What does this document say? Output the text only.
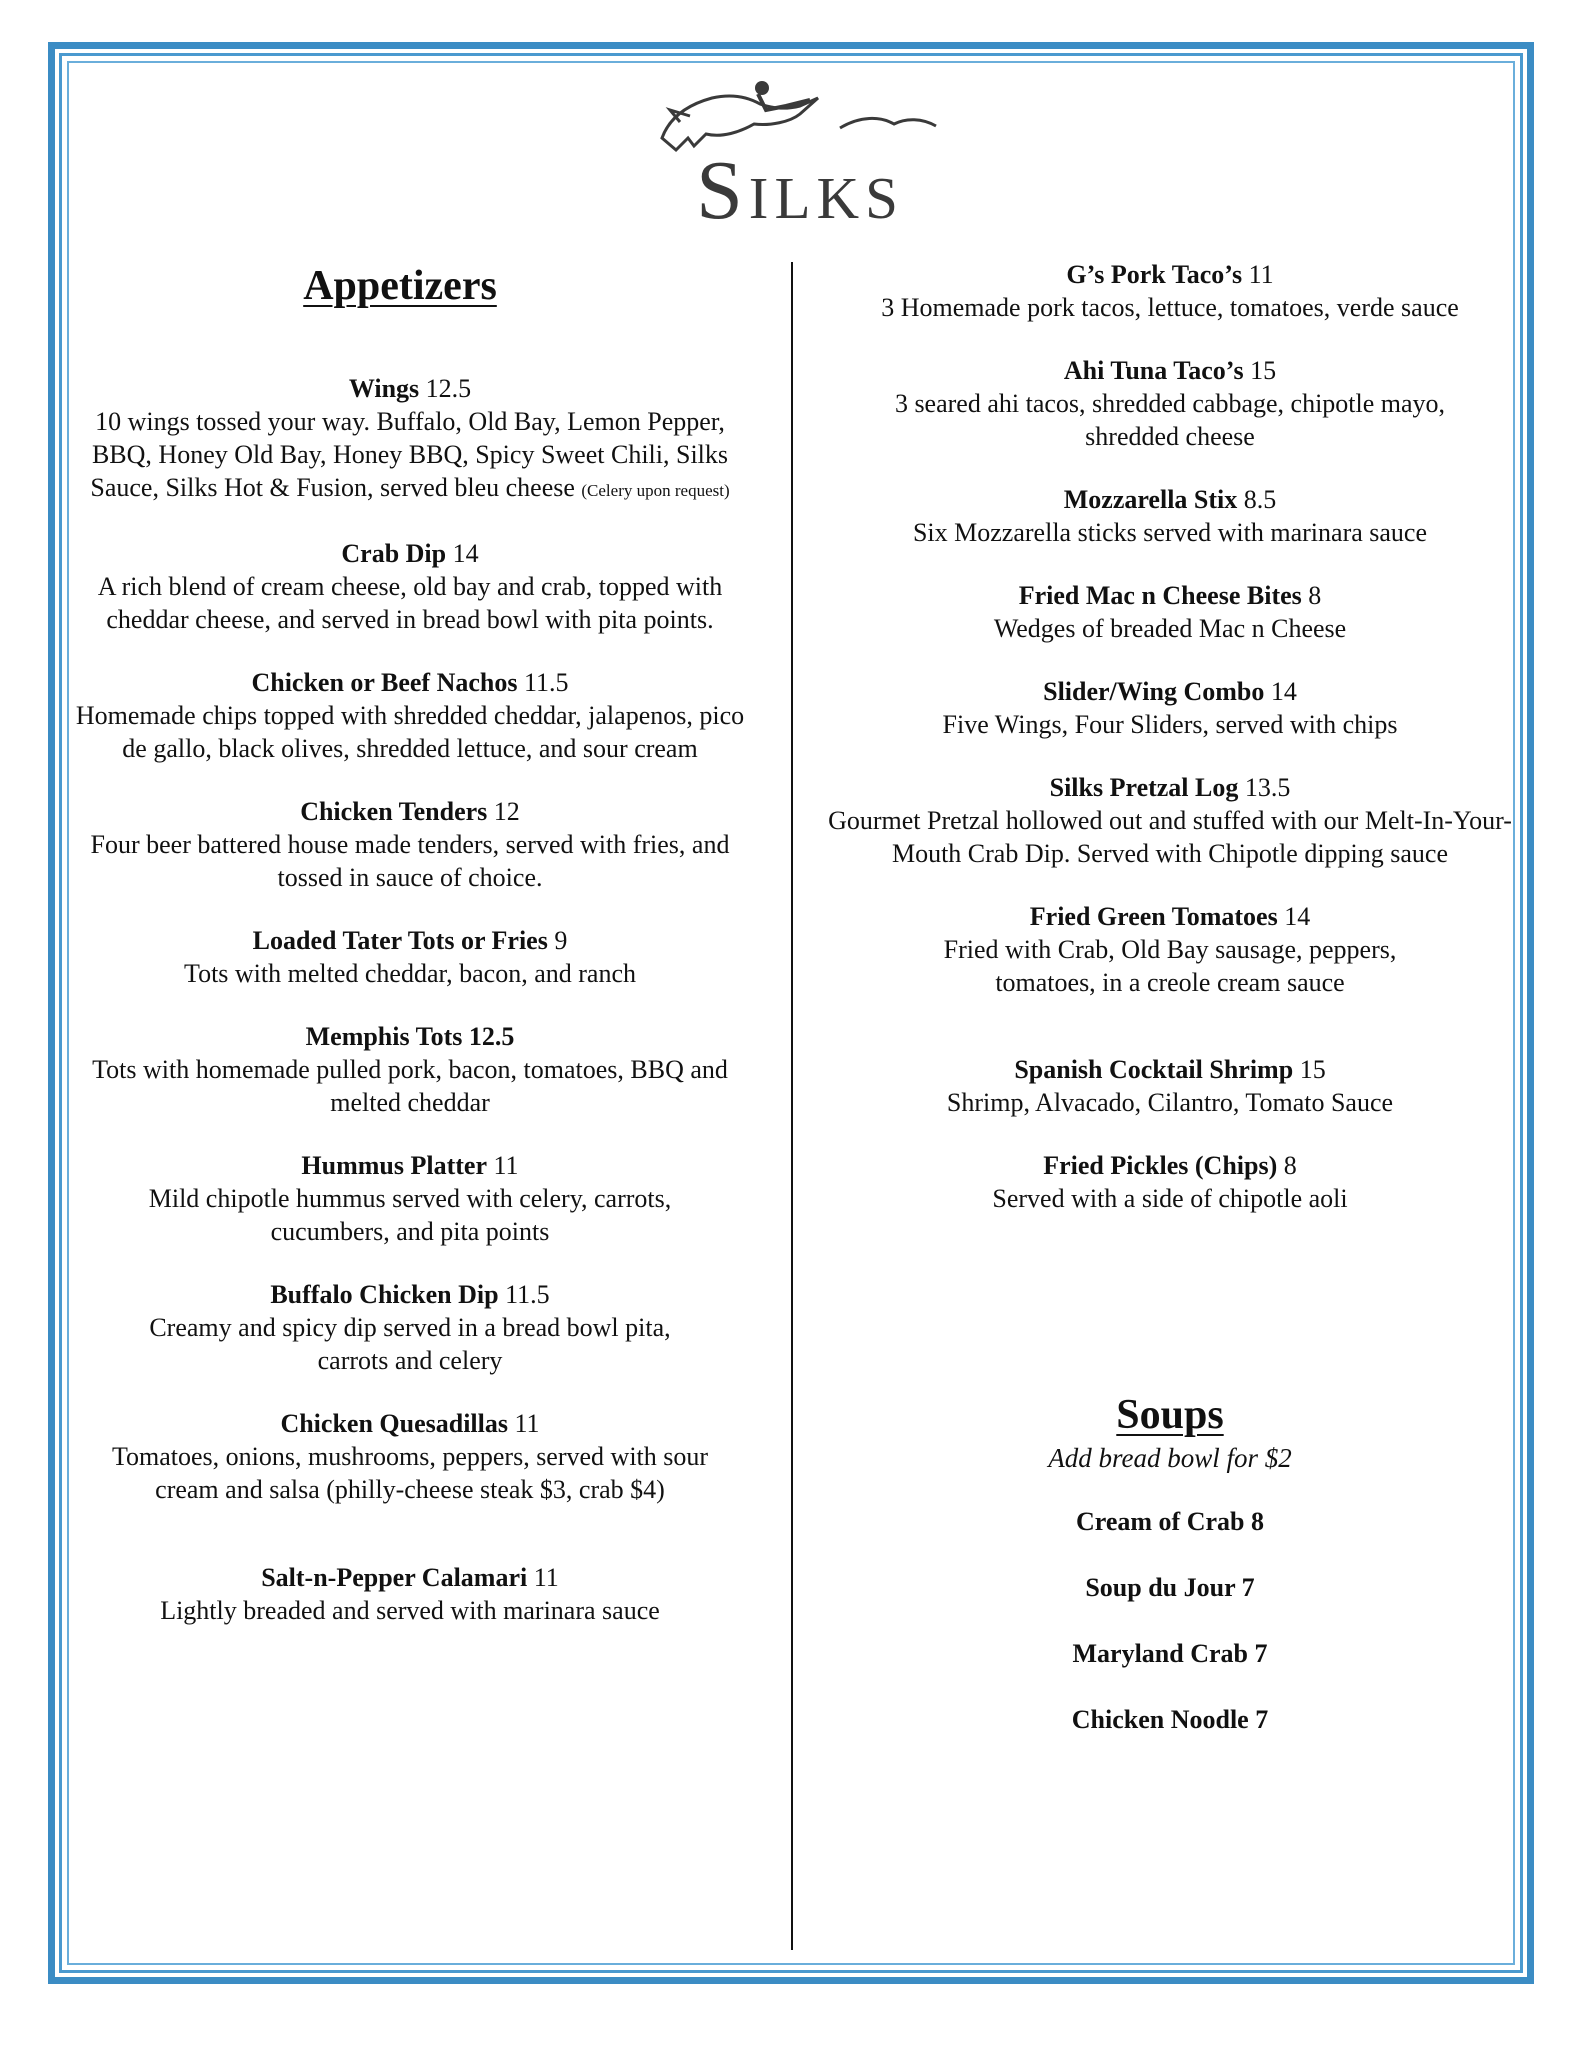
Silks
Appetizers
Wings 12.5
10 wings tossed your way. Buffalo, Old Bay, Lemon Pepper, BBQ, Honey Old Bay, Honey BBQ, Spicy Sweet Chili, Silks Sauce, Silks Hot & Fusion, served bleu cheese (Celery upon request)
Crab Dip 14
A rich blend of cream cheese, old bay and crab, topped with cheddar cheese, and served in bread bowl with pita points.
Chicken or Beef Nachos 11.5
Homemade chips topped with shredded cheddar, jalapenos, pico de gallo, black olives, shredded lettuce, and sour cream
Chicken Tenders 12
Four beer battered house made tenders, served with fries, and tossed in sauce of choice.
Loaded Tater Tots or Fries 9
Tots with melted cheddar, bacon, and ranch
Memphis Tots 12.5
Tots with homemade pulled pork, bacon, tomatoes, BBQ and melted cheddar
Hummus Platter 11
Mild chipotle hummus served with celery, carrots, cucumbers, and pita points
Buffalo Chicken Dip 11.5
Creamy and spicy dip served in a bread bowl pita, carrots and celery
Chicken Quesadillas 11
Tomatoes, onions, mushrooms, peppers, served with sour cream and salsa (philly-cheese steak $3, crab $4)
Salt-n-Pepper Calamari 11
Lightly breaded and served with marinara sauce
G’s Pork Taco’s 11
3 Homemade pork tacos, lettuce, tomatoes, verde sauce
Ahi Tuna Taco’s 15
3 seared ahi tacos, shredded cabbage, chipotle mayo, shredded cheese
Mozzarella Stix 8.5
Six Mozzarella sticks served with marinara sauce
Fried Mac n Cheese Bites 8
Wedges of breaded Mac n Cheese
Slider/Wing Combo 14
Five Wings, Four Sliders, served with chips
Silks Pretzal Log 13.5
Gourmet Pretzal hollowed out and stuffed with our Melt-In-Your-Mouth Crab Dip. Served with Chipotle dipping sauce
Fried Green Tomatoes 14
Fried with Crab, Old Bay sausage, peppers, tomatoes, in a creole cream sauce
Spanish Cocktail Shrimp 15
Shrimp, Alvacado, Cilantro, Tomato Sauce
Fried Pickles (Chips) 8
Served with a side of chipotle aoli
Soups
Add bread bowl for $2
Cream of Crab 8
Soup du Jour 7
Maryland Crab 7
Chicken Noodle 7
